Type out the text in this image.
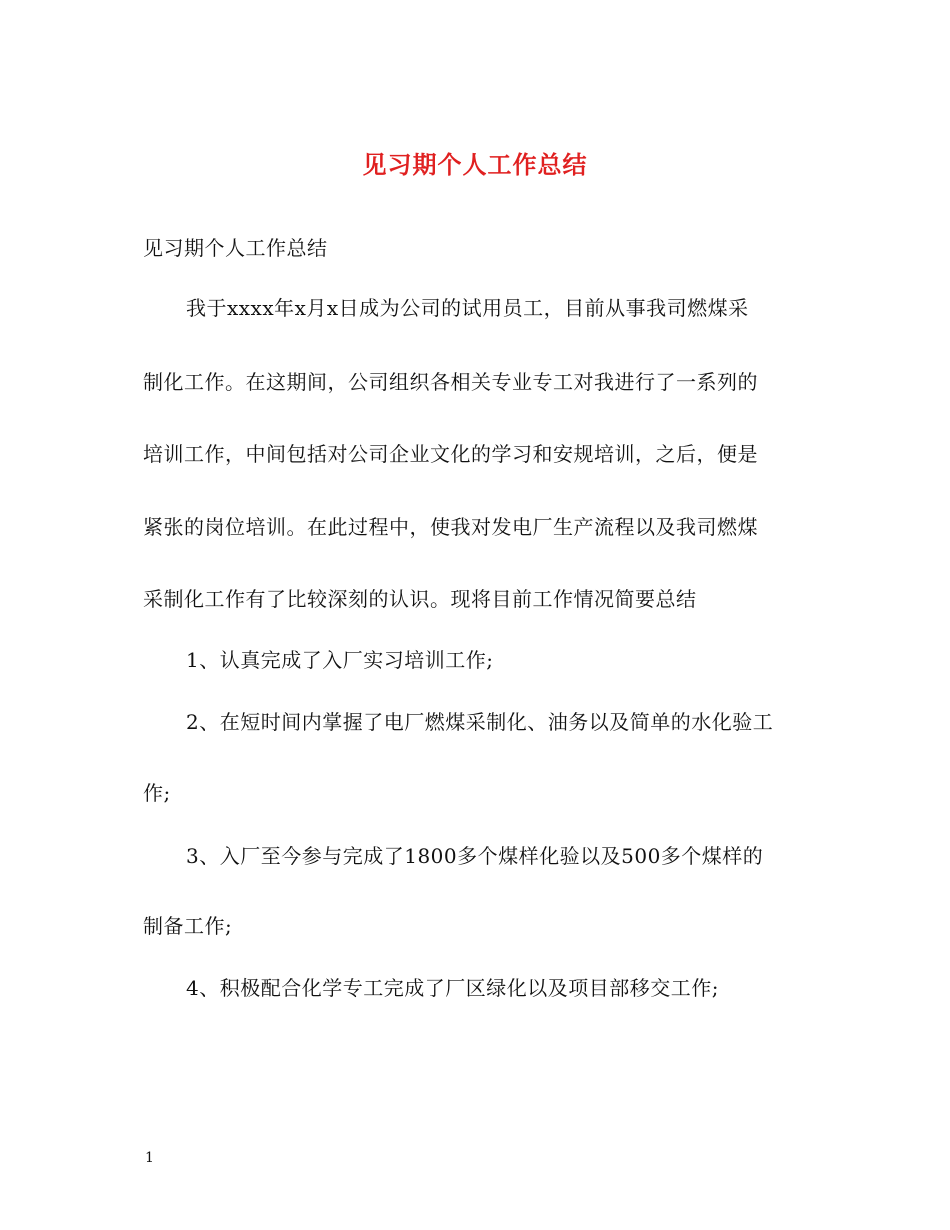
见习期个人工作总结
见习期个人工作总结
我于xxxx年x月x日成为公司的试用员工，目前从事我司燃煤采
制化工作。在这期间，公司组织各相关专业专工对我进行了一系列的
培训工作，中间包括对公司企业文化的学习和安规培训，之后，便是
紧张的岗位培训。在此过程中，使我对发电厂生产流程以及我司燃煤
采制化工作有了比较深刻的认识。现将目前工作情况简要总结
1、认真完成了入厂实习培训工作;
2、在短时间内掌握了电厂燃煤采制化、油务以及简单的水化验工
作;
3、入厂至今参与完成了1800多个煤样化验以及500多个煤样的
制备工作;
4、积极配合化学专工完成了厂区绿化以及项目部移交工作;
1
